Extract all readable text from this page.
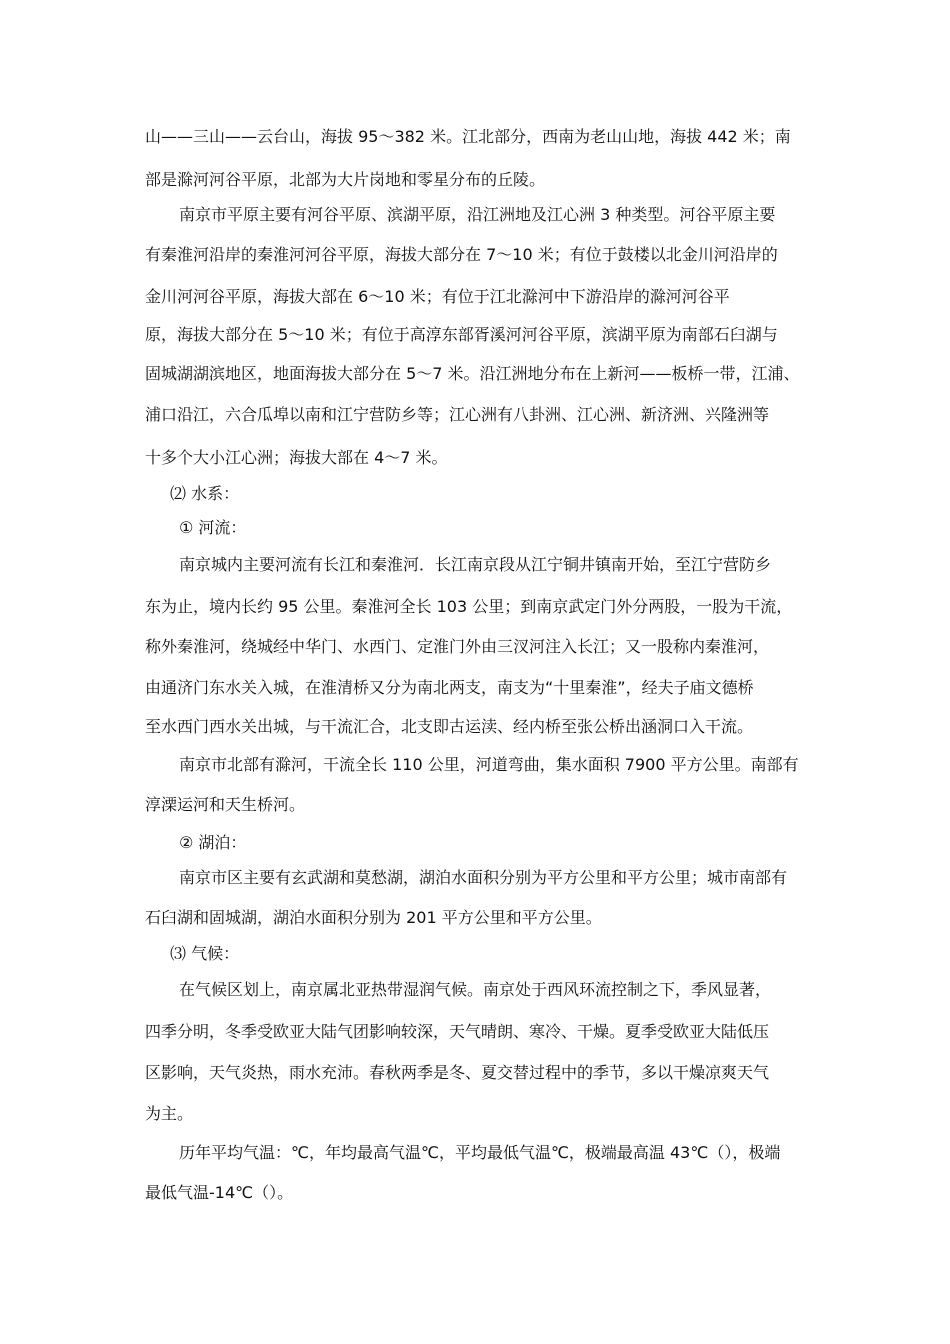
山——三山——云台山，海拔 95～382 米。江北部分，西南为老山山地，海拔 442 米；南
部是滁河河谷平原，北部为大片岗地和零星分布的丘陵。
南京市平原主要有河谷平原、滨湖平原，沿江洲地及江心洲 3 种类型。河谷平原主要
有秦淮河沿岸的秦淮河河谷平原，海拔大部分在 7～10 米；有位于鼓楼以北金川河沿岸的
金川河河谷平原，海拔大部在 6～10 米；有位于江北滁河中下游沿岸的滁河河谷平
原，海拔大部分在 5～10 米；有位于高淳东部胥溪河河谷平原，滨湖平原为南部石臼湖与
固城湖湖滨地区，地面海拔大部分在 5～7 米。沿江洲地分布在上新河——板桥一带，江浦、
浦口沿江，六合瓜埠以南和江宁营防乡等；江心洲有八卦洲、江心洲、新济洲、兴隆洲等
十多个大小江心洲；海拔大部在 4～7 米。
⑵ 水系：
① 河流：
南京城内主要河流有长江和秦淮河．长江南京段从江宁铜井镇南开始，至江宁营防乡
东为止，境内长约 95 公里。秦淮河全长 103 公里；到南京武定门外分两股，一股为干流，
称外秦淮河，绕城经中华门、水西门、定淮门外由三汊河注入长江；又一股称内秦淮河，
由通济门东水关入城，在淮清桥又分为南北两支，南支为“十里秦淮”，经夫子庙文德桥
至水西门西水关出城，与干流汇合，北支即古运渎、经内桥至张公桥出涵洞口入干流。
南京市北部有滁河，干流全长 110 公里，河道弯曲，集水面积 7900 平方公里。南部有
淳溧运河和天生桥河。
② 湖泊：
南京市区主要有玄武湖和莫愁湖，湖泊水面积分别为平方公里和平方公里；城市南部有
石臼湖和固城湖，湖泊水面积分别为 201 平方公里和平方公里。
⑶ 气候：
在气候区划上，南京属北亚热带湿润气候。南京处于西风环流控制之下，季风显著，
四季分明，冬季受欧亚大陆气团影响较深，天气晴朗、寒冷、干燥。夏季受欧亚大陆低压
区影响，天气炎热，雨水充沛。春秋两季是冬、夏交替过程中的季节，多以干燥凉爽天气
为主。
历年平均气温：℃，年均最高气温℃，平均最低气温℃，极端最高温 43℃（），极端
最低气温-14℃（）。
